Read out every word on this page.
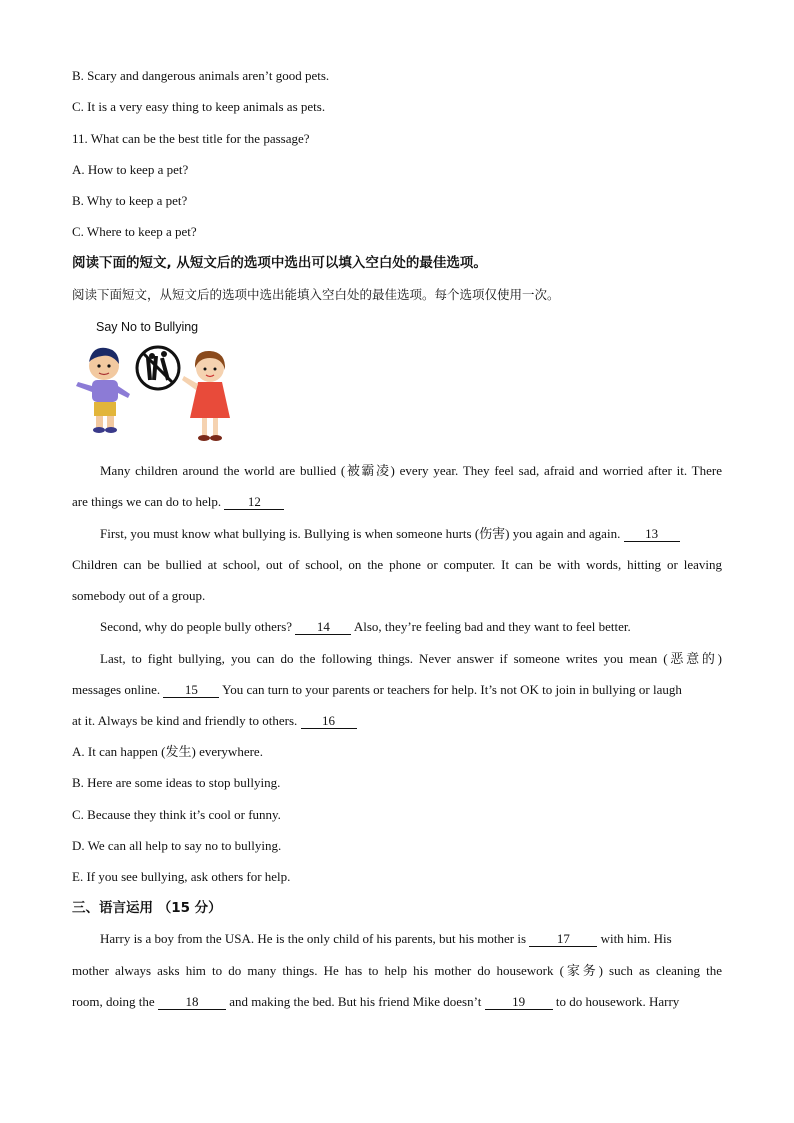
B. Scary and dangerous animals aren’t good pets.
C. It is a very easy thing to keep animals as pets.
11. What can be the best title for the passage?
A. How to keep a pet?
B. Why to keep a pet?
C. Where to keep a pet?
阅读下面的短文, 从短文后的选项中选出可以填入空白处的最佳选项。
阅读下面短文，从短文后的选项中选出能填入空白处的最佳选项。每个选项仅使用一次。
Say No to Bullying
Many children around the world are bullied (被霸凌) every year. They feel sad, afraid and worried after it. There
are things we can do to help. 12
First, you must know what bullying is. Bullying is when someone hurts (伤害) you again and again. 13
Children can be bullied at school, out of school, on the phone or computer. It can be with words, hitting or leaving
somebody out of a group.
Second, why do people bully others? 14 Also, they’re feeling bad and they want to feel better.
Last, to fight bullying, you can do the following things. Never answer if someone writes you mean (恶意的)
messages online. 15 You can turn to your parents or teachers for help. It’s not OK to join in bullying or laugh
at it. Always be kind and friendly to others. 16
A. It can happen (发生) everywhere.
B. Here are some ideas to stop bullying.
C. Because they think it’s cool or funny.
D. We can all help to say no to bullying.
E. If you see bullying, ask others for help.
三、语言运用 （15 分）
Harry is a boy from the USA. He is the only child of his parents, but his mother is 17 with him. His
mother always asks him to do many things. He has to help his mother do housework (家务) such as cleaning the
room, doing the 18 and making the bed. But his friend Mike doesn’t 19 to do housework. Harry
